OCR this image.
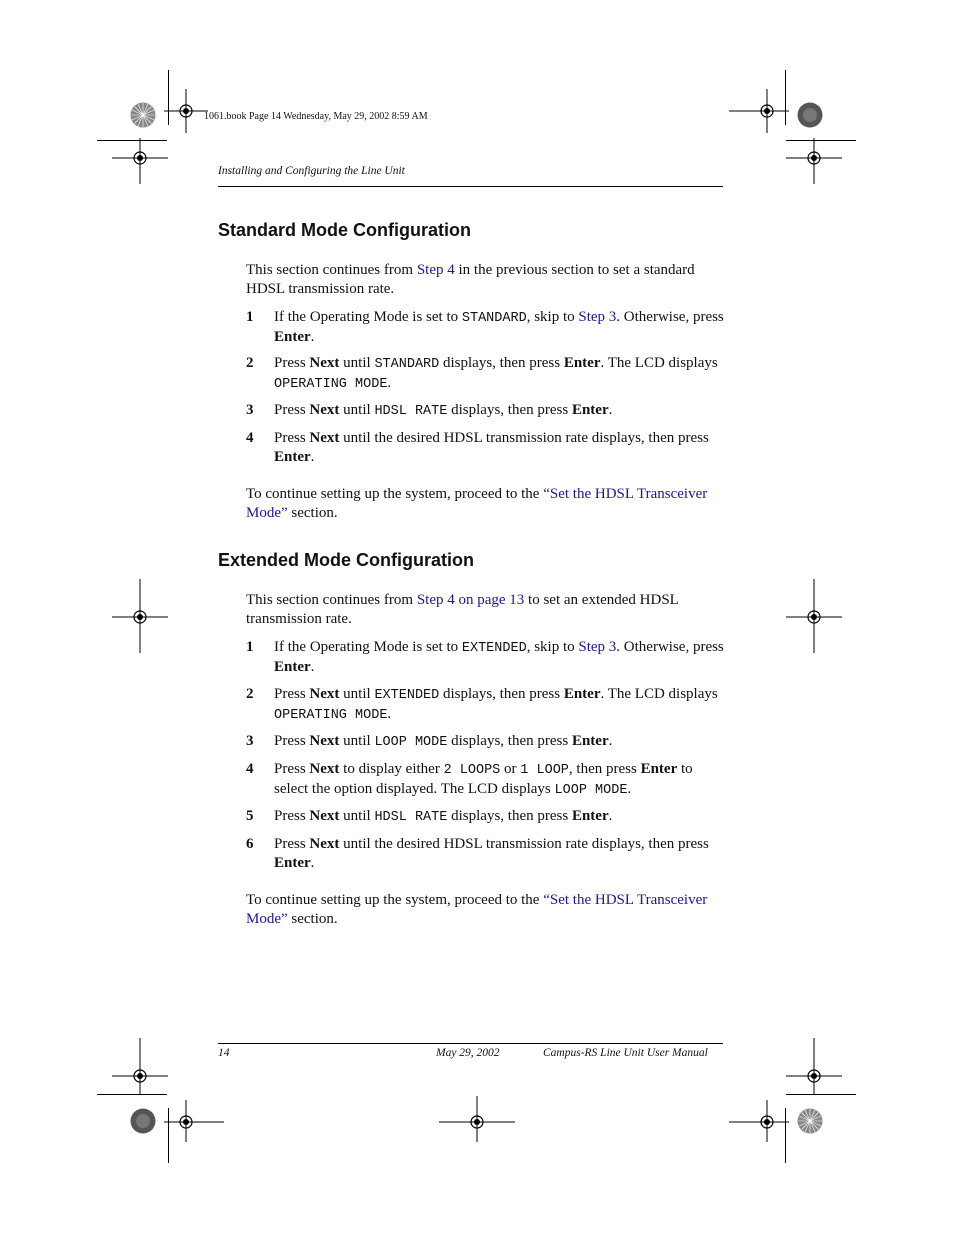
1061.book Page 14 Wednesday, May 29, 2002 8:59 AM
Installing and Configuring the Line Unit
Standard Mode Configuration
This section continues from Step 4 in the previous section to set a standard HDSL transmission rate.
1 If the Operating Mode is set to STANDARD, skip to Step 3. Otherwise, press Enter.
2 Press Next until STANDARD displays, then press Enter. The LCD displays OPERATING MODE.
3 Press Next until HDSL RATE displays, then press Enter.
4 Press Next until the desired HDSL transmission rate displays, then press Enter.
To continue setting up the system, proceed to the “Set the HDSL Transceiver Mode” section.
Extended Mode Configuration
This section continues from Step 4 on page 13 to set an extended HDSL transmission rate.
1 If the Operating Mode is set to EXTENDED, skip to Step 3. Otherwise, press Enter.
2 Press Next until EXTENDED displays, then press Enter. The LCD displays OPERATING MODE.
3 Press Next until LOOP MODE displays, then press Enter.
4 Press Next to display either 2 LOOPS or 1 LOOP, then press Enter to select the option displayed. The LCD displays LOOP MODE.
5 Press Next until HDSL RATE displays, then press Enter.
6 Press Next until the desired HDSL transmission rate displays, then press Enter.
To continue setting up the system, proceed to the “Set the HDSL Transceiver Mode” section.
14	May 29, 2002	Campus-RS Line Unit User Manual
